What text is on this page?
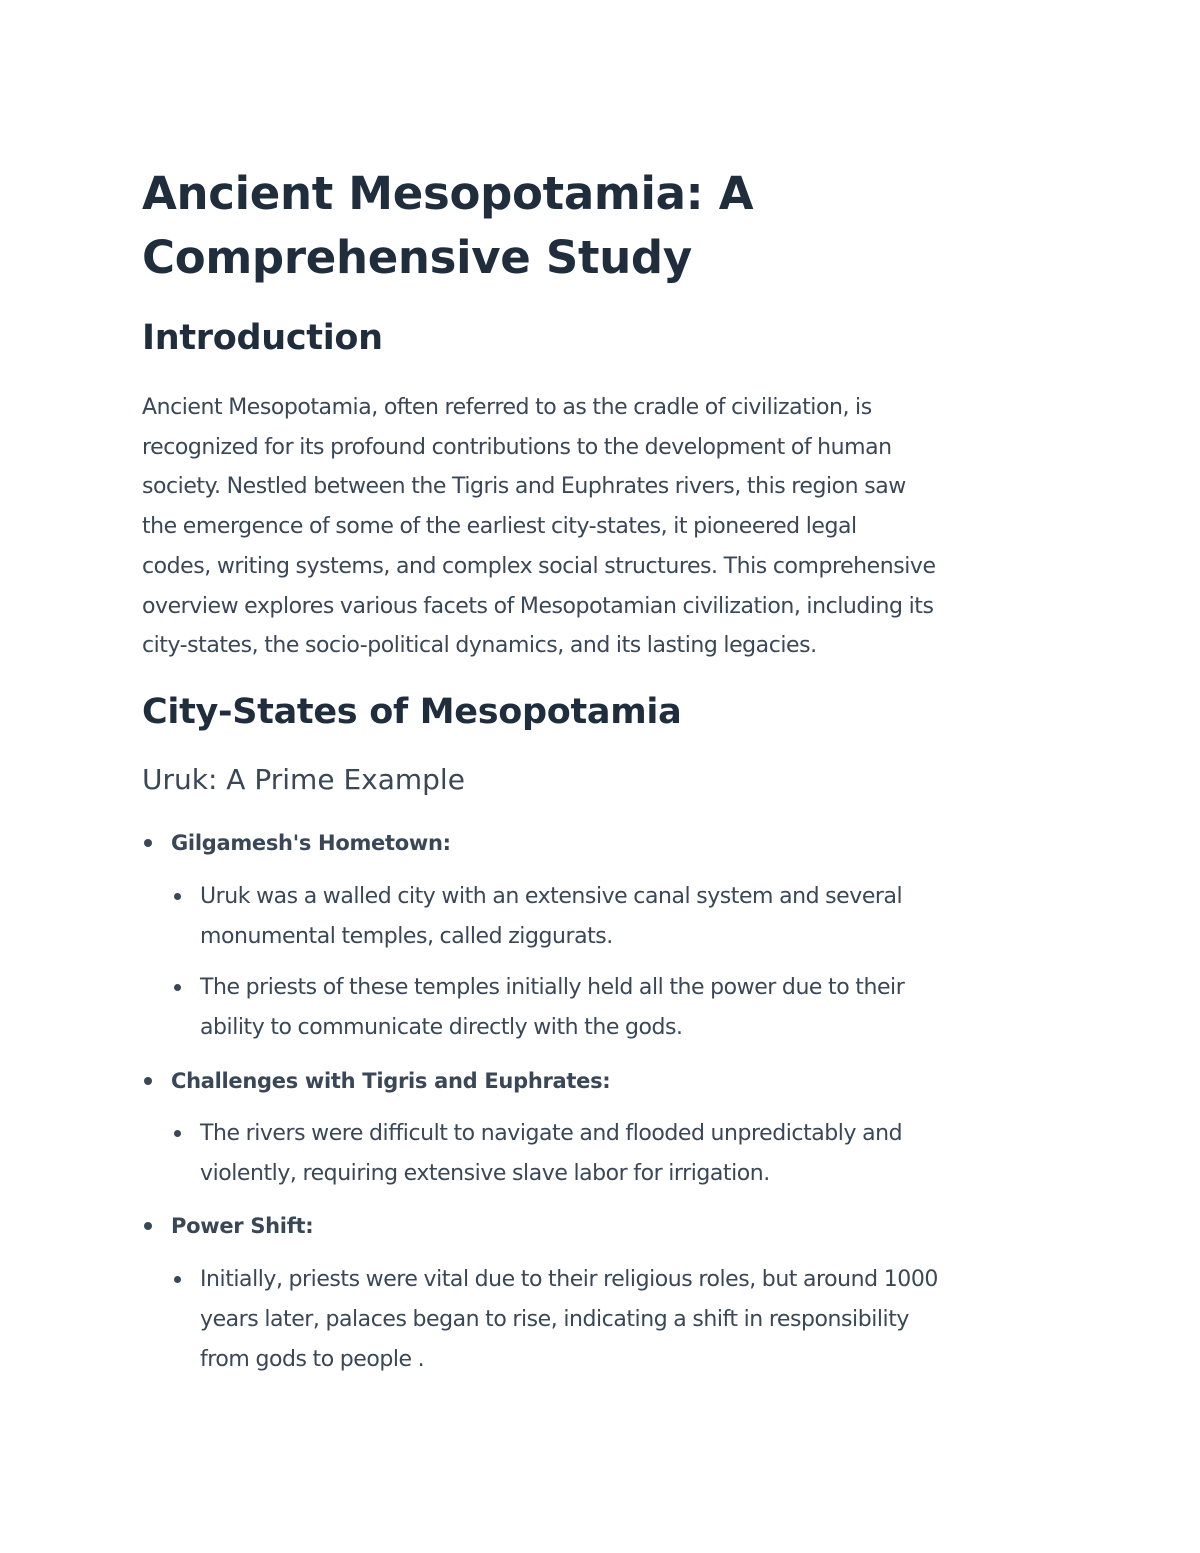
Ancient Mesopotamia: A Comprehensive Study
Introduction

Ancient Mesopotamia, often referred to as the cradle of civilization, is
recognized for its profound contributions to the development of human
society. Nestled between the Tigris and Euphrates rivers, this region saw
the emergence of some of the earliest city-states, it pioneered legal
codes, writing systems, and complex social structures. This comprehensive
overview explores various facets of Mesopotamian civilization, including its
city-states, the socio-political dynamics, and its lasting legacies.

City-States of Mesopotamia
Uruk: A Prime Example
Gilgamesh's Hometown:
Uruk was a walled city with an extensive canal system and several
monumental temples, called ziggurats.
The priests of these temples initially held all the power due to their
ability to communicate directly with the gods.
Challenges with Tigris and Euphrates:
The rivers were difficult to navigate and flooded unpredictably and
violently, requiring extensive slave labor for irrigation.
Power Shift:
Initially, priests were vital due to their religious roles, but around 1000
years later, palaces began to rise, indicating a shift in responsibility
from gods to people .
